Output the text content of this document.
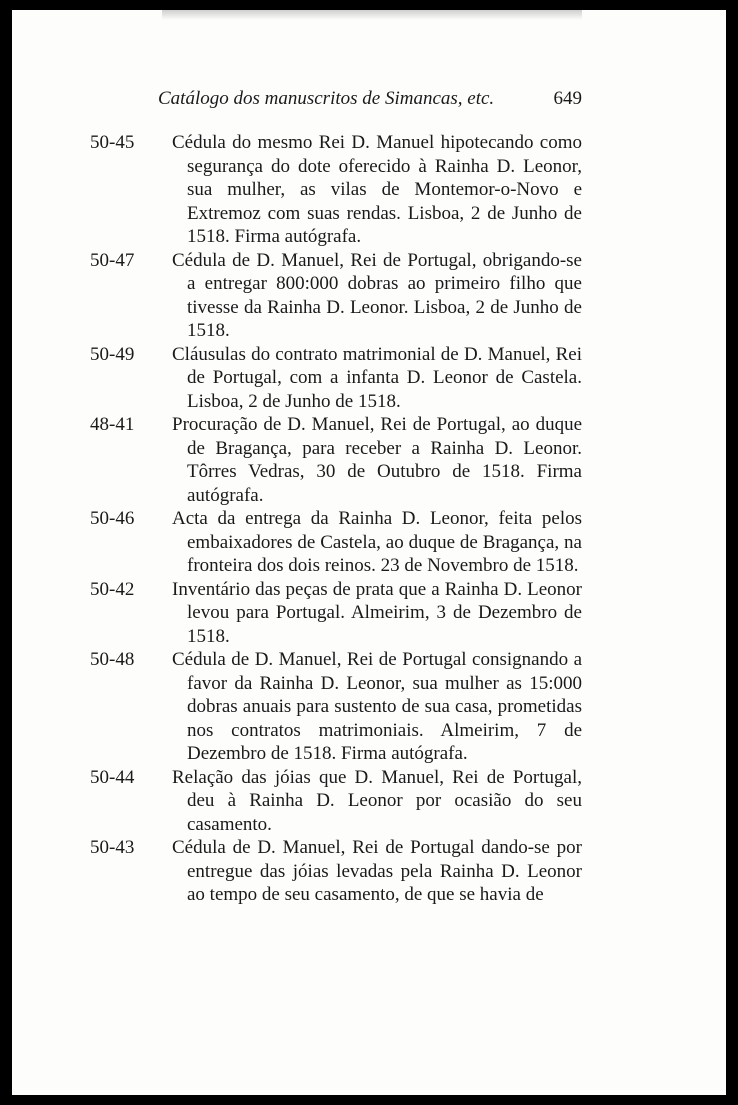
Catálogo dos manuscritos de Simancas, etc.	649
50-45 Cédula do mesmo Rei D. Manuel hipotecando como segurança do dote oferecido à Rainha D. Leonor, sua mulher, as vilas de Montemor-o-Novo e Extremoz com suas rendas. Lisboa, 2 de Junho de 1518. Firma autógrafa.
50-47 Cédula de D. Manuel, Rei de Portugal, obrigando-se a entregar 800:000 dobras ao primeiro filho que tivesse da Rainha D. Leonor. Lisboa, 2 de Junho de 1518.
50-49 Cláusulas do contrato matrimonial de D. Manuel, Rei de Portugal, com a infanta D. Leonor de Castela. Lisboa, 2 de Junho de 1518.
48-41 Procuração de D. Manuel, Rei de Portugal, ao duque de Bragança, para receber a Rainha D. Leonor. Tôrres Vedras, 30 de Outubro de 1518. Firma autógrafa.
50-46 Acta da entrega da Rainha D. Leonor, feita pelos embaixadores de Castela, ao duque de Bragança, na fronteira dos dois reinos. 23 de Novembro de 1518.
50-42 Inventário das peças de prata que a Rainha D. Leonor levou para Portugal. Almeirim, 3 de Dezembro de 1518.
50-48 Cédula de D. Manuel, Rei de Portugal consignando a favor da Rainha D. Leonor, sua mulher as 15:000 dobras anuais para sustento de sua casa, prometidas nos contratos matrimoniais. Almeirim, 7 de Dezembro de 1518. Firma autógrafa.
50-44 Relação das jóias que D. Manuel, Rei de Portugal, deu à Rainha D. Leonor por ocasião do seu casamento.
50-43 Cédula de D. Manuel, Rei de Portugal dando-se por entregue das jóias levadas pela Rainha D. Leonor ao tempo de seu casamento, de que se havia de
